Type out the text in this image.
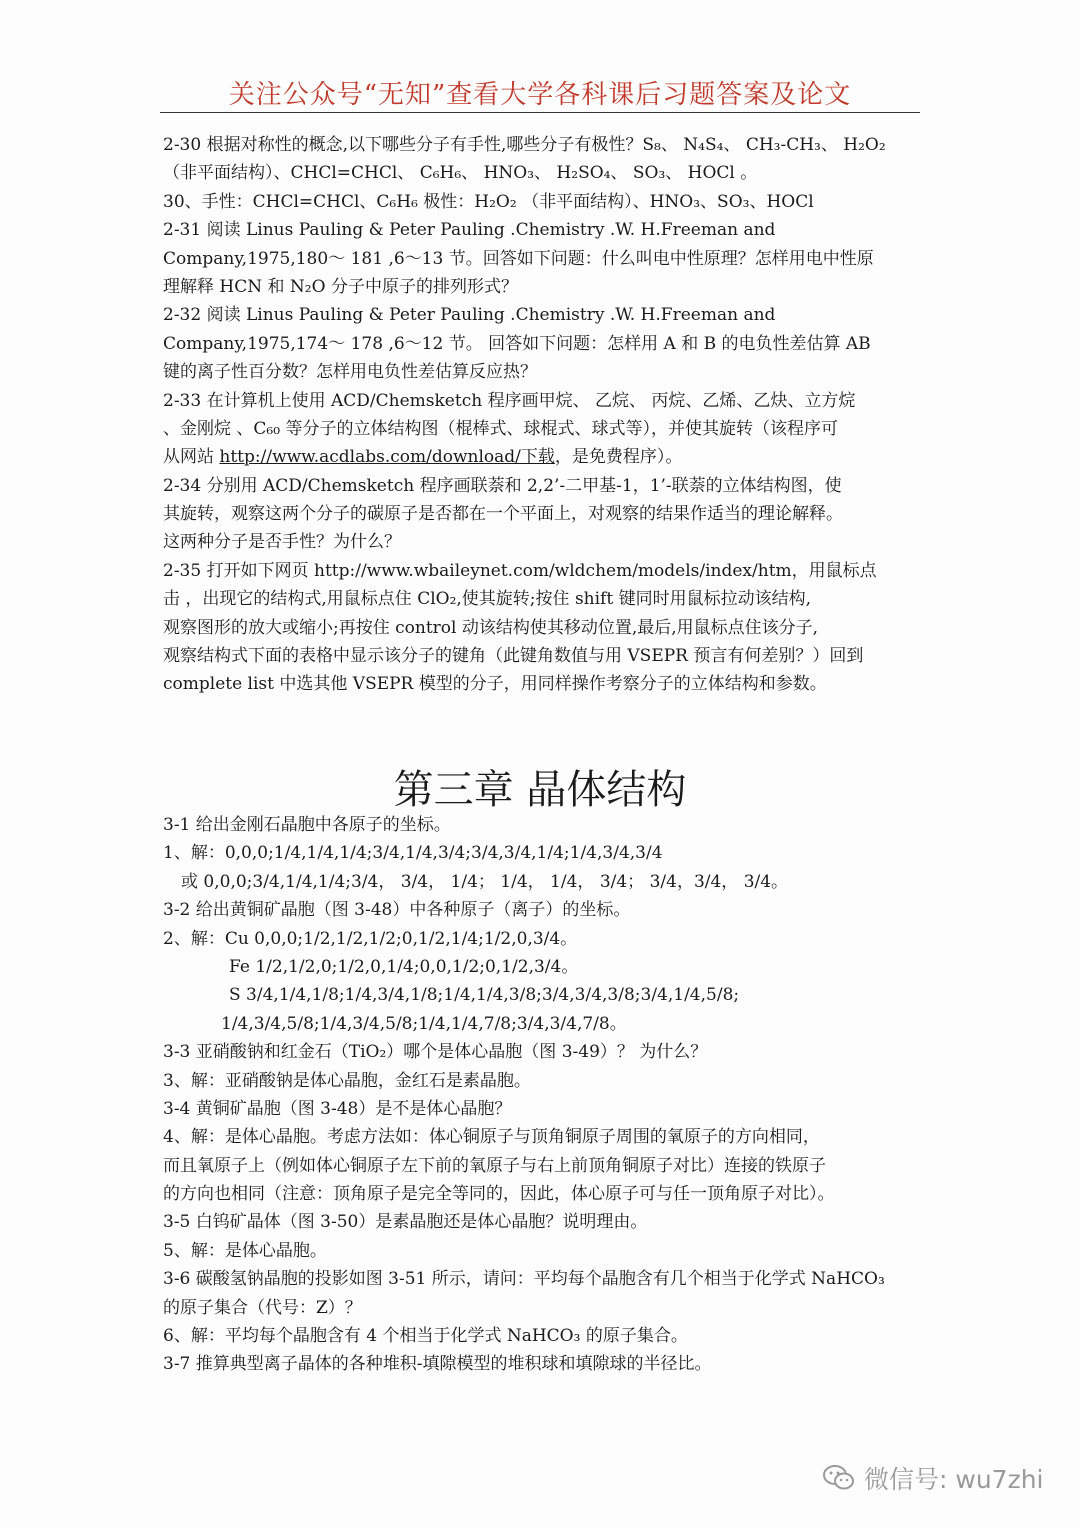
关注公众号“无知”查看大学各科课后习题答案及论文
2-30 根据对称性的概念,以下哪些分子有手性,哪些分子有极性？S₈、 N₄S₄、 CH₃-CH₃、 H₂O₂
（非平面结构）、CHCl=CHCl、 C₆H₆、 HNO₃、 H₂SO₄、 SO₃、 HOCl 。
30、手性：CHCl=CHCl、C₆H₆ 极性：H₂O₂ （非平面结构）、HNO₃、SO₃、HOCl
2-31 阅读 Linus Pauling & Peter Pauling .Chemistry .W. H.Freeman and
Company,1975,180～ 181 ,6～13 节。回答如下问题：什么叫电中性原理？怎样用电中性原
理解释 HCN 和 N₂O 分子中原子的排列形式？
2-32 阅读 Linus Pauling & Peter Pauling .Chemistry .W. H.Freeman and
Company,1975,174～ 178 ,6～12 节。 回答如下问题：怎样用 A 和 B 的电负性差估算 AB
键的离子性百分数？怎样用电负性差估算反应热？
2-33 在计算机上使用 ACD/Chemsketch 程序画甲烷、 乙烷、 丙烷、乙烯、乙炔、立方烷
、金刚烷 、C₆₀ 等分子的立体结构图（棍棒式、球棍式、球式等），并使其旋转（该程序可
从网站 http://www.acdlabs.com/download/下载，是免费程序）。
2-34 分别用 ACD/Chemsketch 程序画联萘和 2,2’-二甲基-1，1’-联萘的立体结构图，使
其旋转，观察这两个分子的碳原子是否都在一个平面上，对观察的结果作适当的理论解释。
这两种分子是否手性？为什么？
2-35 打开如下网页 http://www.wbaileynet.com/wldchem/models/index/htm，用鼠标点
击 ，出现它的结构式,用鼠标点住 ClO₂,使其旋转;按住 shift 键同时用鼠标拉动该结构,
观察图形的放大或缩小;再按住 control 动该结构使其移动位置,最后,用鼠标点住该分子,
观察结构式下面的表格中显示该分子的键角（此键角数值与用 VSEPR 预言有何差别？）回到
complete list 中选其他 VSEPR 模型的分子，用同样操作考察分子的立体结构和参数。
第三章 晶体结构
3-1 给出金刚石晶胞中各原子的坐标。
1、解：0,0,0;1/4,1/4,1/4;3/4,1/4,3/4;3/4,3/4,1/4;1/4,3/4,3/4
或 0,0,0;3/4,1/4,1/4;3/4， 3/4， 1/4； 1/4， 1/4， 3/4； 3/4，3/4， 3/4。
3-2 给出黄铜矿晶胞（图 3-48）中各种原子（离子）的坐标。
2、解：Cu 0,0,0;1/2,1/2,1/2;0,1/2,1/4;1/2,0,3/4。
Fe 1/2,1/2,0;1/2,0,1/4;0,0,1/2;0,1/2,3/4。
S 3/4,1/4,1/8;1/4,3/4,1/8;1/4,1/4,3/8;3/4,3/4,3/8;3/4,1/4,5/8;
1/4,3/4,5/8;1/4,3/4,5/8;1/4,1/4,7/8;3/4,3/4,7/8。
3-3 亚硝酸钠和红金石（TiO₂）哪个是体心晶胞（图 3-49）？ 为什么？
3、解：亚硝酸钠是体心晶胞，金红石是素晶胞。
3-4 黄铜矿晶胞（图 3-48）是不是体心晶胞？
4、解：是体心晶胞。考虑方法如：体心铜原子与顶角铜原子周围的氧原子的方向相同，
而且氧原子上（例如体心铜原子左下前的氧原子与右上前顶角铜原子对比）连接的铁原子
的方向也相同（注意：顶角原子是完全等同的，因此，体心原子可与任一顶角原子对比）。
3-5 白钨矿晶体（图 3-50）是素晶胞还是体心晶胞？说明理由。
5、解：是体心晶胞。
3-6 碳酸氢钠晶胞的投影如图 3-51 所示，请问：平均每个晶胞含有几个相当于化学式 NaHCO₃
的原子集合（代号：Z）？
6、解：平均每个晶胞含有 4 个相当于化学式 NaHCO₃ 的原子集合。
3-7 推算典型离子晶体的各种堆积-填隙模型的堆积球和填隙球的半径比。
微信号: wu7zhi
